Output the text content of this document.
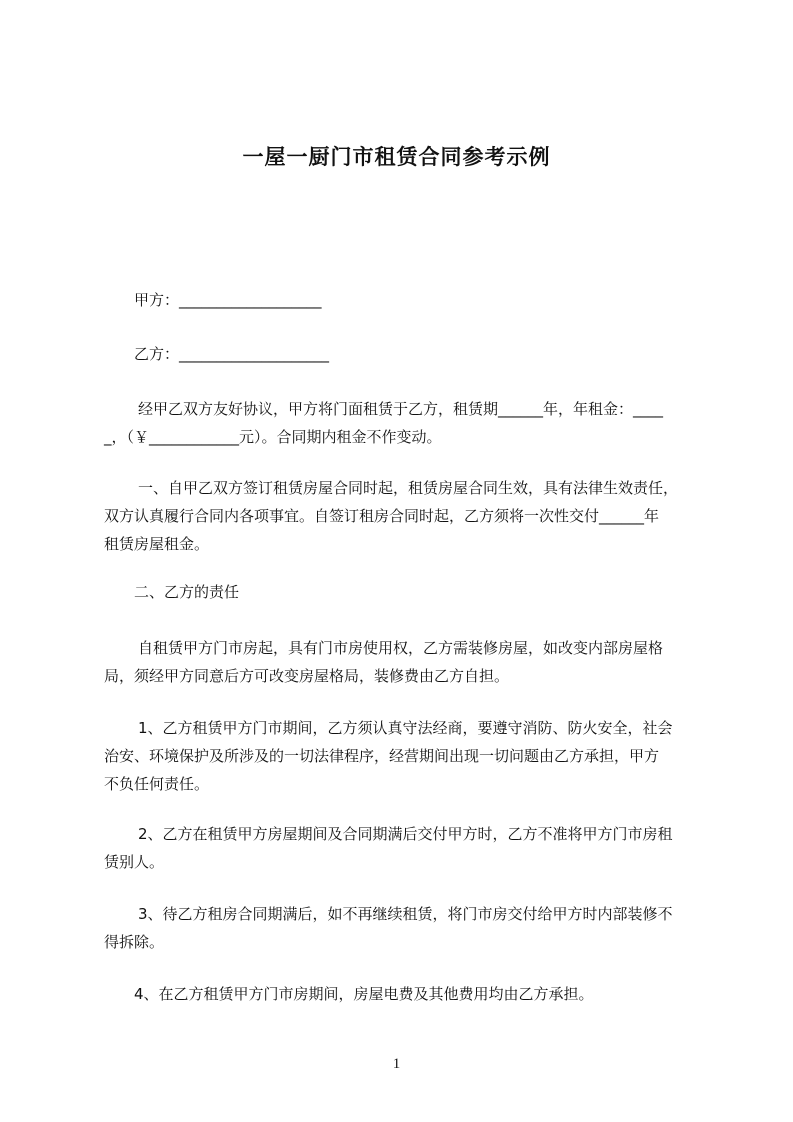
一屋一厨门市租赁合同参考示例
甲方：___________________
乙方：____________________
经甲乙双方友好协议，甲方将门面租赁于乙方，租赁期______年，年租金：____
_，（￥____________元）。合同期内租金不作变动。
一、自甲乙双方签订租赁房屋合同时起，租赁房屋合同生效，具有法律生效责任，
双方认真履行合同内各项事宜。自签订租房合同时起，乙方须将一次性交付______年
租赁房屋租金。
二、乙方的责任
自租赁甲方门市房起，具有门市房使用权，乙方需装修房屋，如改变内部房屋格
局，须经甲方同意后方可改变房屋格局，装修费由乙方自担。
1、乙方租赁甲方门市期间，乙方须认真守法经商，要遵守消防、防火安全，社会
治安、环境保护及所涉及的一切法律程序，经营期间出现一切问题由乙方承担，甲方
不负任何责任。
2、乙方在租赁甲方房屋期间及合同期满后交付甲方时，乙方不准将甲方门市房租
赁别人。
3、待乙方租房合同期满后，如不再继续租赁，将门市房交付给甲方时内部装修不
得拆除。
4、在乙方租赁甲方门市房期间，房屋电费及其他费用均由乙方承担。
1
